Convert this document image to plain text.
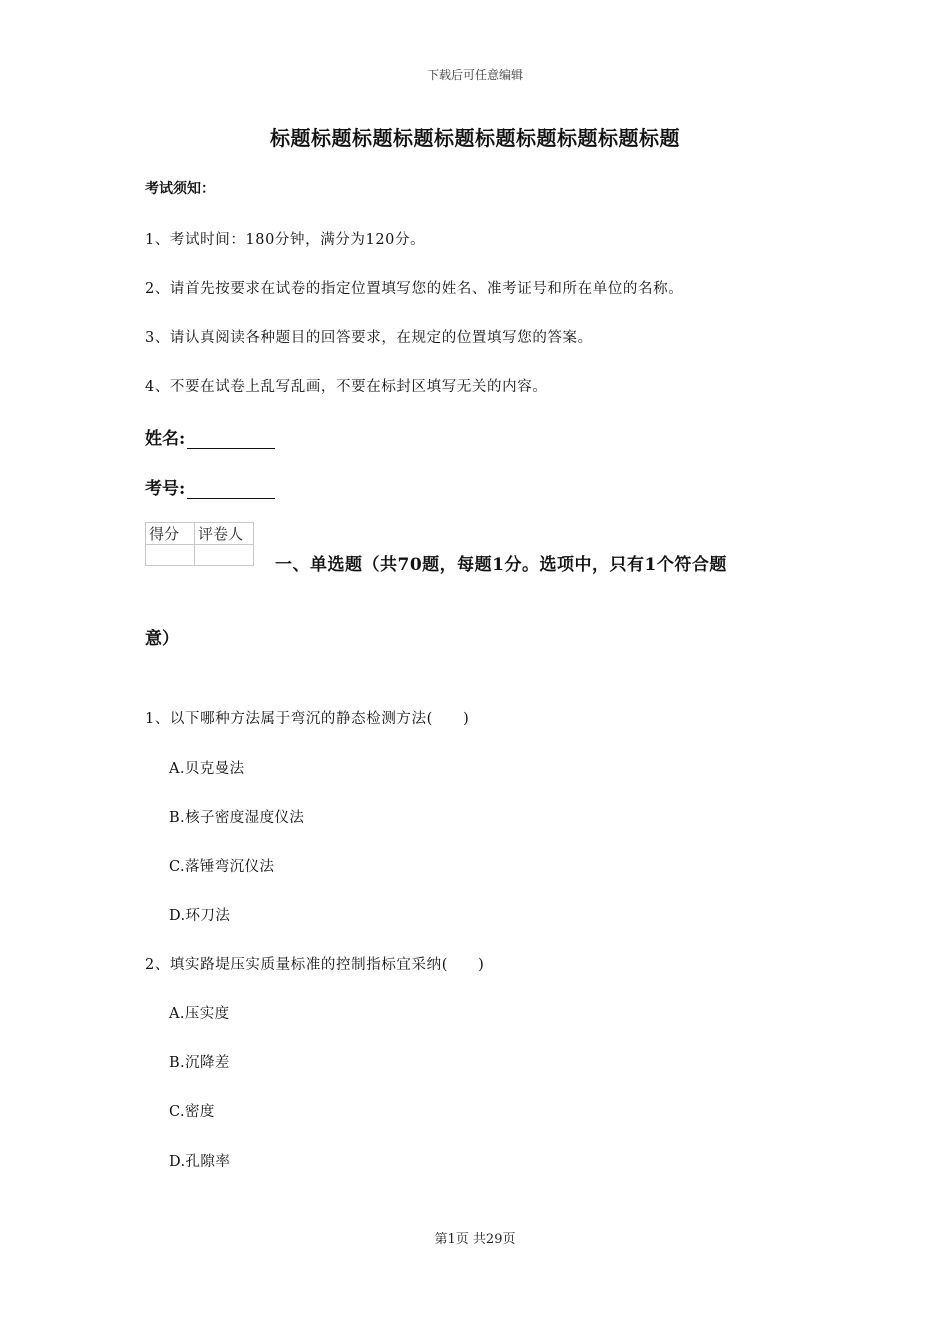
下载后可任意编辑
标题标题标题标题标题标题标题标题标题标题
考试须知：
1、考试时间：180分钟，满分为120分。
2、请首先按要求在试卷的指定位置填写您的姓名、准考证号和所在单位的名称。
3、请认真阅读各种题目的回答要求，在规定的位置填写您的答案。
4、不要在试卷上乱写乱画，不要在标封区填写无关的内容。
姓名:
考号:
得分	评卷人

一、单选题（共70题，每题1分。选项中，只有1个符合题
意）
1、以下哪种方法属于弯沉的静态检测方法(　　)
A.贝克曼法
B.核子密度湿度仪法
C.落锤弯沉仪法
D.环刀法
2、填实路堤压实质量标准的控制指标宜采纳(　　)
A.压实度
B.沉降差
C.密度
D.孔隙率
第1页 共29页
